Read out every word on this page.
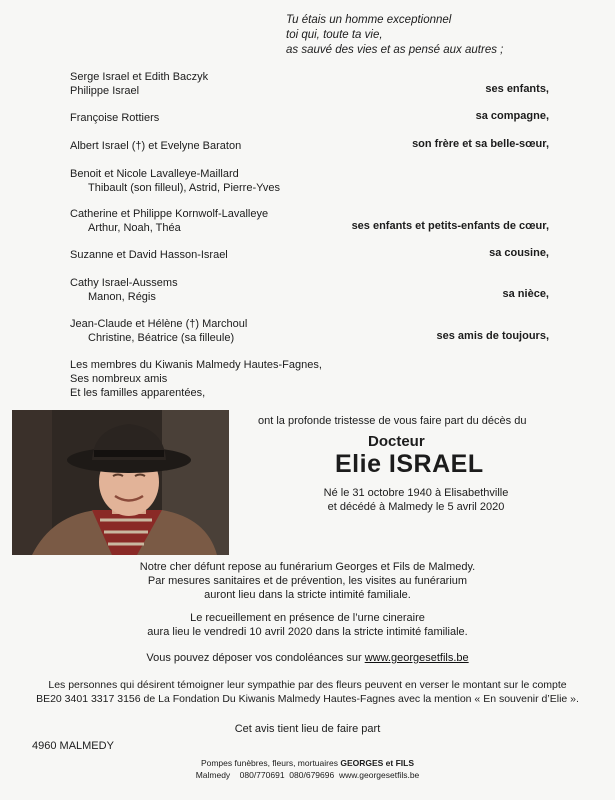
Tu étais un homme exceptionnel
toi qui, toute ta vie,
as sauvé des vies et as pensé aux autres ;
Serge Israel et Edith Baczyk
Philippe Israel	ses enfants,
Françoise Rottiers	sa compagne,
Albert Israel (†) et Evelyne Baraton	son frère et sa belle-sœur,
Benoit et Nicole Lavalleye-Maillard
Thibault (son filleul), Astrid, Pierre-Yves
Catherine et Philippe Kornwolf-Lavalleye
Arthur, Noah, Théa	ses enfants et petits-enfants de cœur,
Suzanne et David Hasson-Israel	sa cousine,
Cathy Israel-Aussems
Manon, Régis	sa nièce,
Jean-Claude et Hélène (†) Marchoul
Christine, Béatrice (sa filleule)	ses amis de toujours,
Les membres du Kiwanis Malmedy Hautes-Fagnes,
Ses nombreux amis
Et les familles apparentées,
ont la profonde tristesse de vous faire part du décès du
Docteur
Elie ISRAEL
Né le 31 octobre 1940 à Elisabethville
et décédé à Malmedy le 5 avril 2020
Notre cher défunt repose au funérarium Georges et Fils de Malmedy.
Par mesures sanitaires et de prévention, les visites au funérarium
auront lieu dans la stricte intimité familiale.
Le recueillement en présence de l’urne cineraire
aura lieu le vendredi 10 avril 2020 dans la stricte intimité familiale.
Vous pouvez déposer vos condoléances sur www.georgesetfils.be
Les personnes qui désirent témoigner leur sympathie par des fleurs peuvent en verser le montant sur le compte
BE20 3401 3317 3156 de La Fondation Du Kiwanis Malmedy Hautes-Fagnes avec la mention « En souvenir d’Elie ».
Cet avis tient lieu de faire part
4960 MALMEDY
Pompes funèbres, fleurs, mortuaires GEORGES et FILS
Malmedy 080/770691 080/679696 www.georgesetfils.be
